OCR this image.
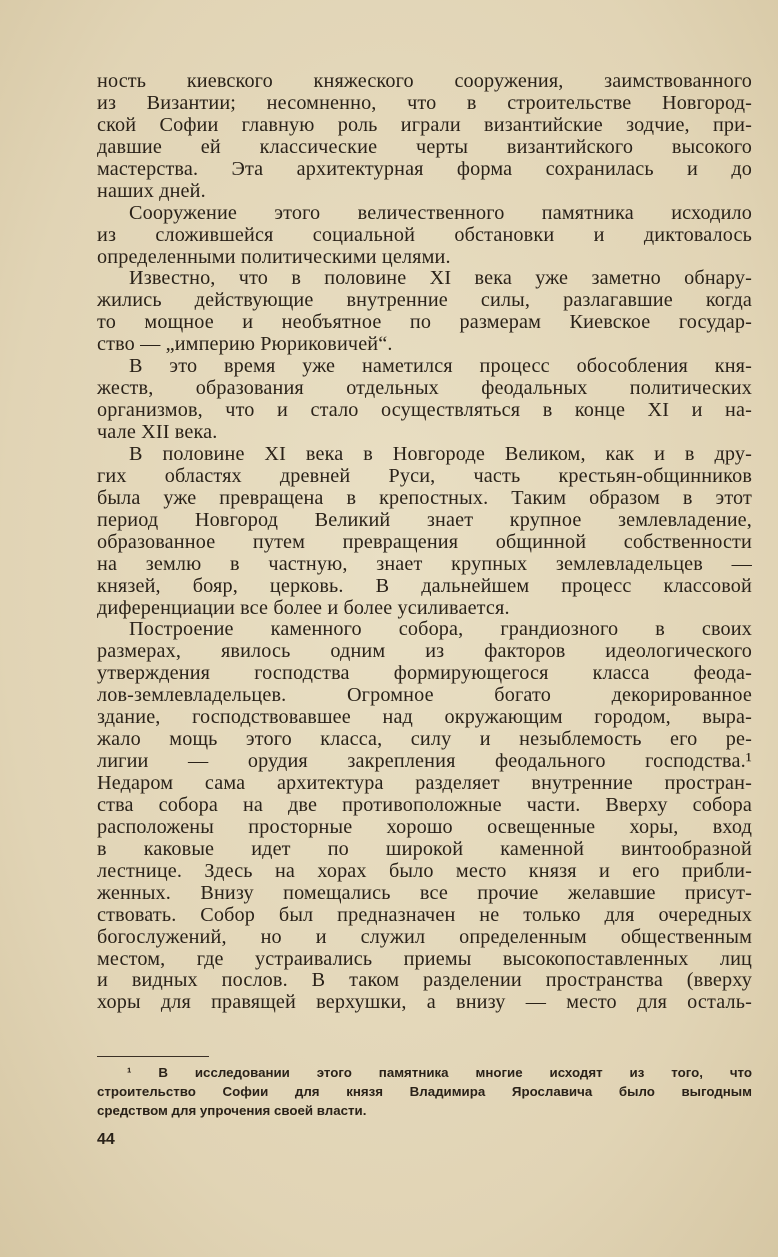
ность киевского княжеского сооружения, заимствованного
из Византии; несомненно, что в строительстве Новгород-
ской Софии главную роль играли византийские зодчие, при-
давшие ей классические черты византийского высокого
мастерства. Эта архитектурная форма сохранилась и до
наших дней.
Сооружение этого величественного памятника исходило
из сложившейся социальной обстановки и диктовалось
определенными политическими целями.
Известно, что в половине XI века уже заметно обнару-
жились действующие внутренние силы, разлагавшие когда
то мощное и необъятное по размерам Киевское государ-
ство — „империю Рюриковичей“.
В это время уже наметился процесс обособления кня-
жеств, образования отдельных феодальных политических
организмов, что и стало осуществляться в конце XI и на-
чале XII века.
В половине XI века в Новгороде Великом, как и в дру-
гих областях древней Руси, часть крестьян-общинников
была уже превращена в крепостных. Таким образом в этот
период Новгород Великий знает крупное землевладение,
образованное путем превращения общинной собственности
на землю в частную, знает крупных землевладельцев —
князей, бояр, церковь. В дальнейшем процесс классовой
диференциации все более и более усиливается.
Построение каменного собора, грандиозного в своих
размерах, явилось одним из факторов идеологического
утверждения господства формирующегося класса феода-
лов-землевладельцев. Огромное богато декорированное
здание, господствовавшее над окружающим городом, выра-
жало мощь этого класса, силу и незыблемость его ре-
лигии — орудия закрепления феодального господства.¹
Недаром сама архитектура разделяет внутренние простран-
ства собора на две противоположные части. Вверху собора
расположены просторные хорошо освещенные хоры, вход
в каковые идет по широкой каменной винтообразной
лестнице. Здесь на хорах было место князя и его прибли-
женных. Внизу помещались все прочие желавшие присут-
ствовать. Собор был предназначен не только для очередных
богослужений, но и служил определенным общественным
местом, где устраивались приемы высокопоставленных лиц
и видных послов. В таком разделении пространства (вверху
хоры для правящей верхушки, а внизу — место для осталь-
¹ В исследовании этого памятника многие исходят из того, что
строительство Софии для князя Владимира Ярославича было выгодным
средством для упрочения своей власти.
44
